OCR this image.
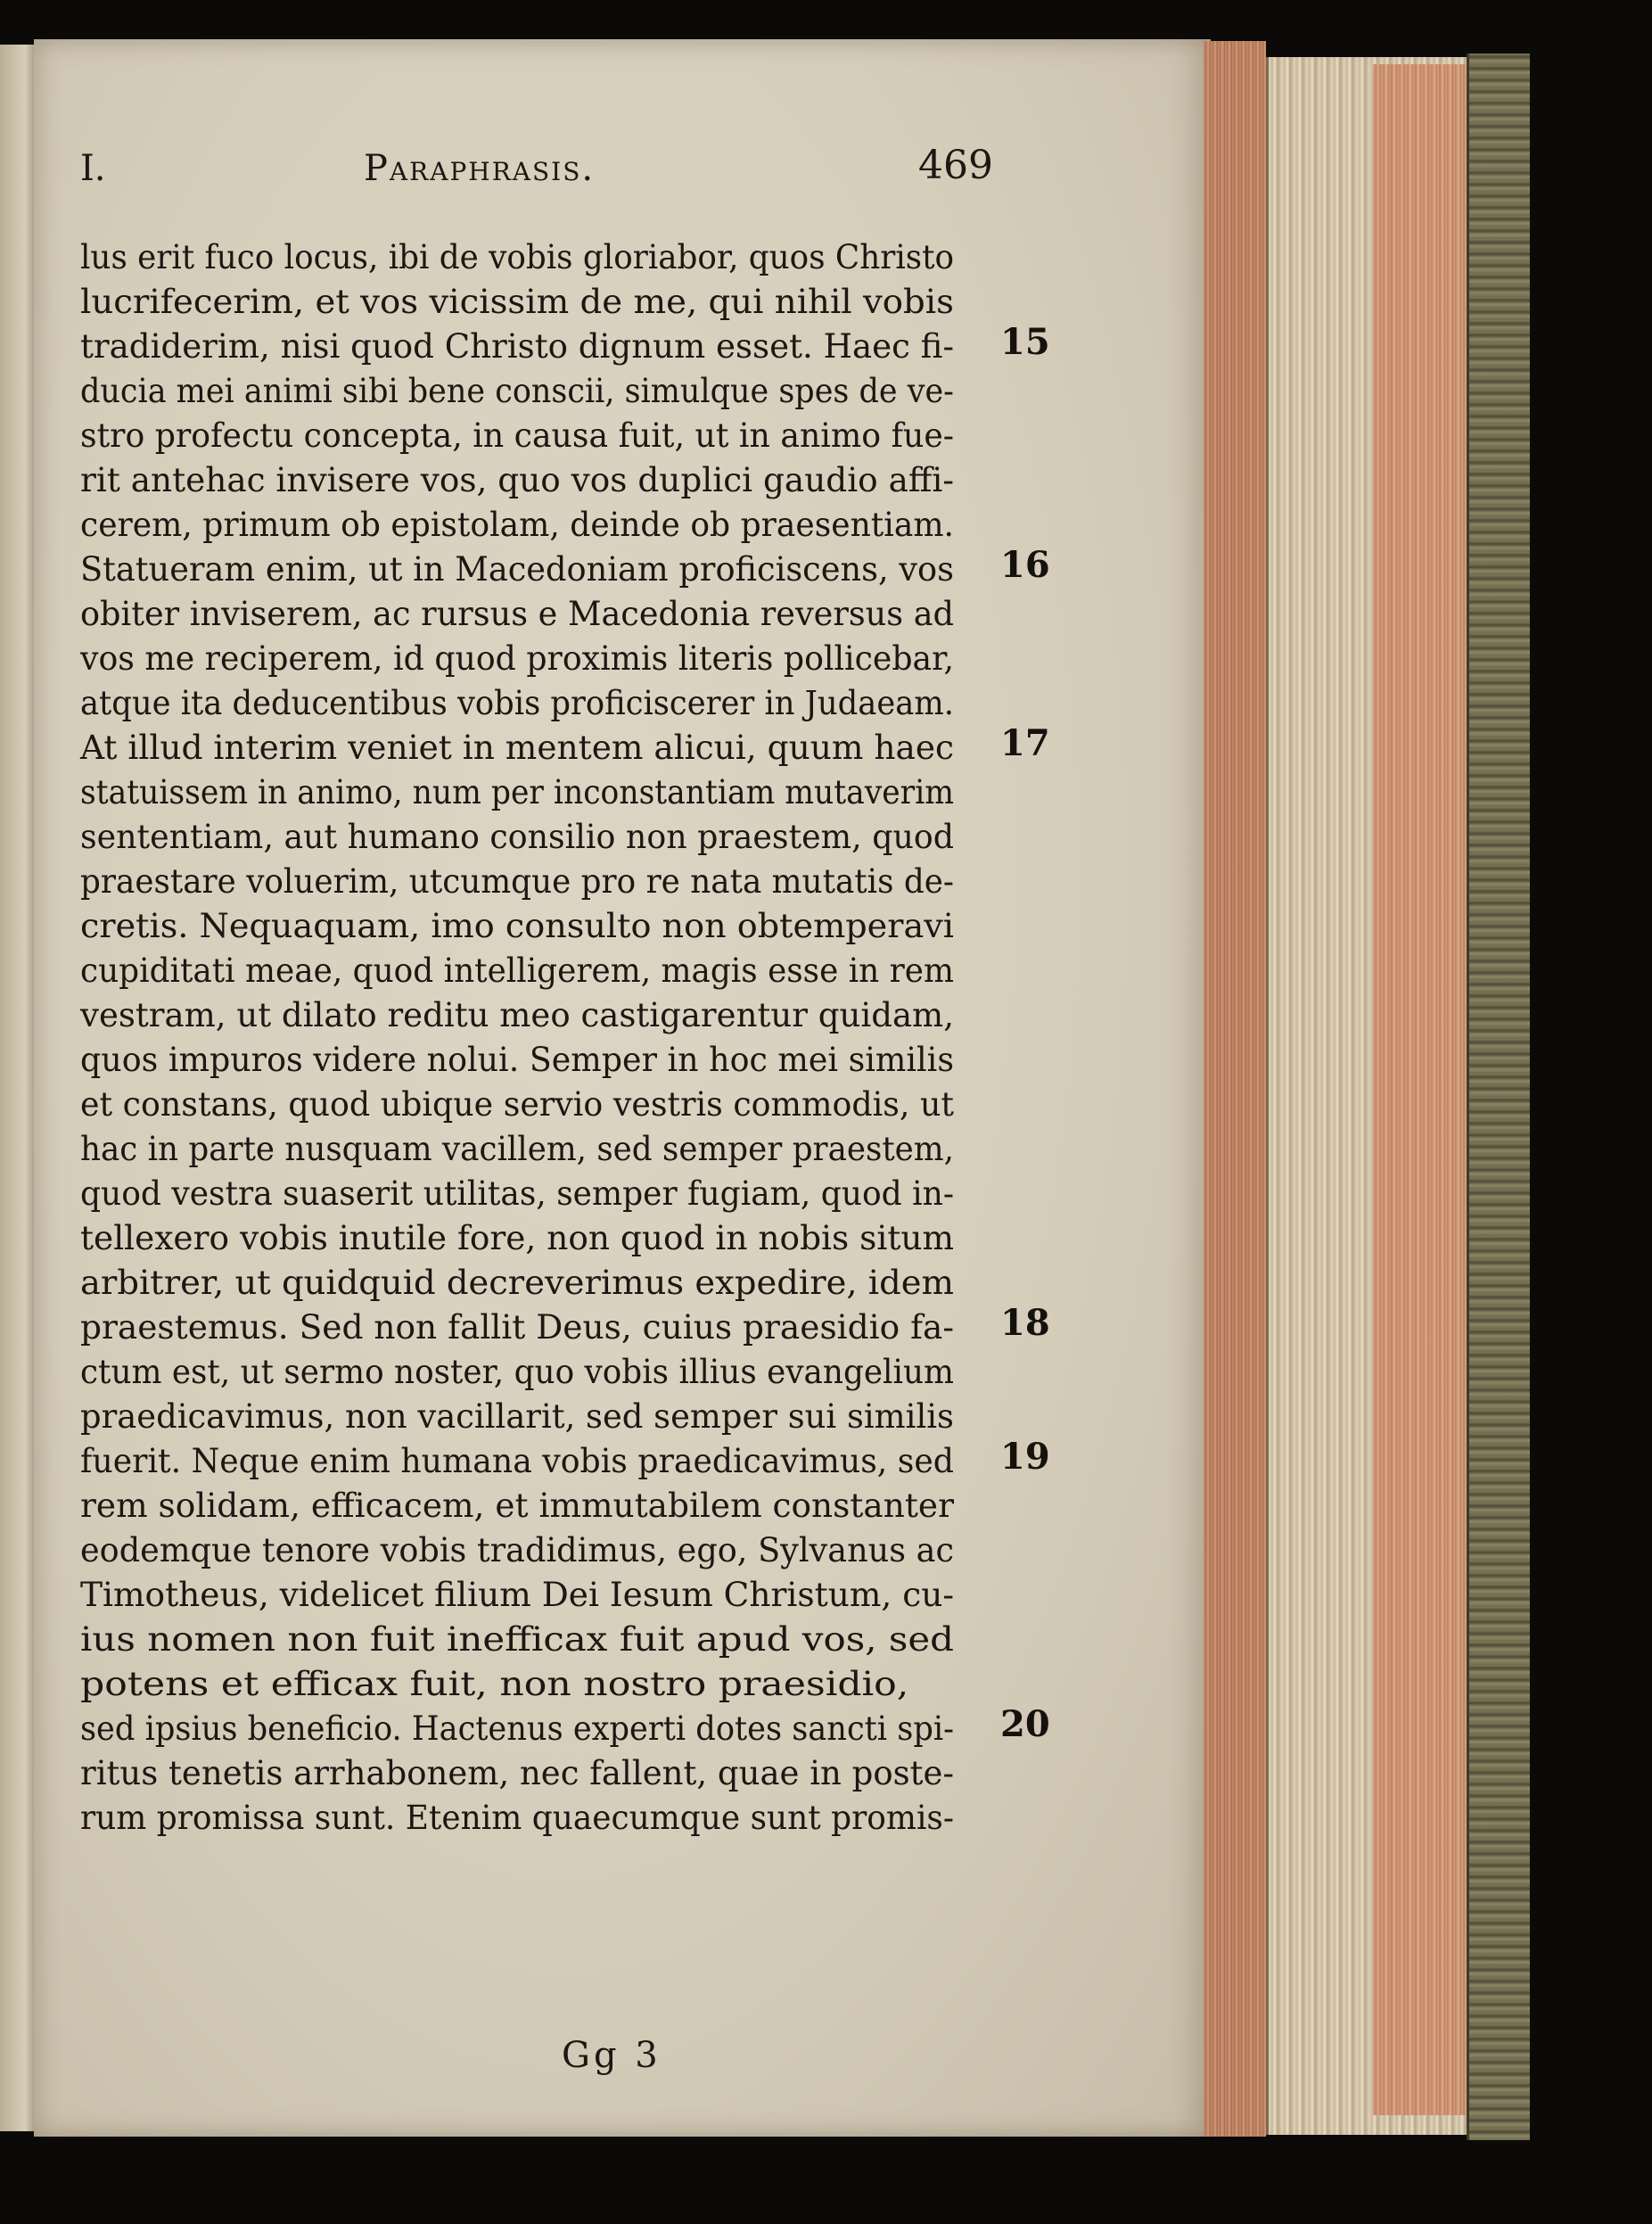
I.	Paraphrasis.	469
lus erit fuco locus, ibi de vobis gloriabor, quos Christo
lucrifecerim, et vos vicissim de me, qui nihil vobis
tradiderim, nisi quod Christo dignum esset. Haec fi-
ducia mei animi sibi bene conscii, simulque spes de ve-
stro profectu concepta, in causa fuit, ut in animo fue-
rit antehac invisere vos, quo vos duplici gaudio affi-
cerem, primum ob epistolam, deinde ob praesentiam.
Statueram enim, ut in Macedoniam proficiscens, vos
obiter inviserem, ac rursus e Macedonia reversus ad
vos me reciperem, id quod proximis literis pollicebar,
atque ita deducentibus vobis proficiscerer in Judaeam.
At illud interim veniet in mentem alicui, quum haec
statuissem in animo, num per inconstantiam mutaverim
sententiam, aut humano consilio non praestem, quod
praestare voluerim, utcumque pro re nata mutatis de-
cretis. Nequaquam, imo consulto non obtemperavi
cupiditati meae, quod intelligerem, magis esse in rem
vestram, ut dilato reditu meo castigarentur quidam,
quos impuros videre nolui. Semper in hoc mei similis
et constans, quod ubique servio vestris commodis, ut
hac in parte nusquam vacillem, sed semper praestem,
quod vestra suaserit utilitas, semper fugiam, quod in-
tellexero vobis inutile fore, non quod in nobis situm
arbitrer, ut quidquid decreverimus expedire, idem
praestemus. Sed non fallit Deus, cuius praesidio fa-
ctum est, ut sermo noster, quo vobis illius evangelium
praedicavimus, non vacillarit, sed semper sui similis
fuerit. Neque enim humana vobis praedicavimus, sed
rem solidam, efficacem, et immutabilem constanter
eodemque tenore vobis tradidimus, ego, Sylvanus ac
Timotheus, videlicet filium Dei Iesum Christum, cu-
ius nomen non fuit inefficax fuit apud vos, sed
potens et efficax fuit, non nostro praesidio,
sed ipsius beneficio. Hactenus experti dotes sancti spi-
ritus tenetis arrhabonem, nec fallent, quae in poste-
rum promissa sunt. Etenim quaecumque sunt promis-
15
16
17
18
19
20
Gg 3
